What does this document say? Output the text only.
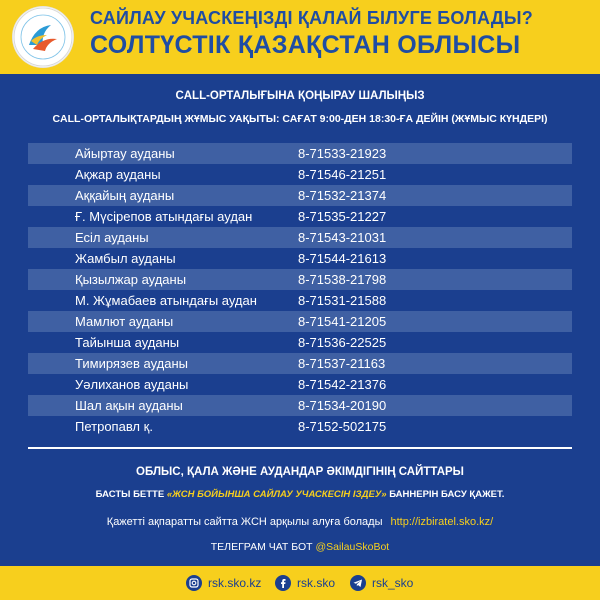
САЙЛАУ УЧАСКЕҢІЗДІ ҚАЛАЙ БІЛУГЕ БОЛАДЫ?
СОЛТҮСТІК ҚАЗАҚСТАН ОБЛЫСЫ
CALL-ОРТАЛЫҒЫНА ҚОҢЫРАУ ШАЛЫҢЫЗ
CALL-ОРТАЛЫҚТАРДЫҢ ЖҰМЫС УАҚЫТЫ: САҒАТ 9:00-ДЕН 18:30-ҒА ДЕЙІН (ЖҰМЫС КҮНДЕРІ)
Айыртау ауданы	8-71533-21923
Ақжар ауданы	8-71546-21251
Аққайың ауданы	8-71532-21374
Ғ. Мүсірепов атындағы аудан	8-71535-21227
Есіл ауданы	8-71543-21031
Жамбыл ауданы	8-71544-21613
Қызылжар ауданы	8-71538-21798
М. Жұмабаев атындағы аудан	8-71531-21588
Мамлют ауданы	8-71541-21205
Тайынша ауданы	8-71536-22525
Тимирязев ауданы	8-71537-21163
Уәлиханов ауданы	8-71542-21376
Шал ақын ауданы	8-71534-20190
Петропавл қ.	8-7152-502175
ОБЛЫС, ҚАЛА ЖӘНЕ АУДАНДАР ӘКІМДІГІНІҢ САЙТТАРЫ
БАСТЫ БЕТТЕ «ЖСН БОЙЫНША САЙЛАУ УЧАСКЕСІН ІЗДЕУ» БАННЕРІН БАСУ ҚАЖЕТ.
Қажетті ақпаратты сайтта ЖСН арқылы алуға болады http://izbiratel.sko.kz/
ТЕЛЕГРАМ ЧАТ БОТ @SailauSkoBot
rsk.sko.kz	rsk.sko	rsk_sko
